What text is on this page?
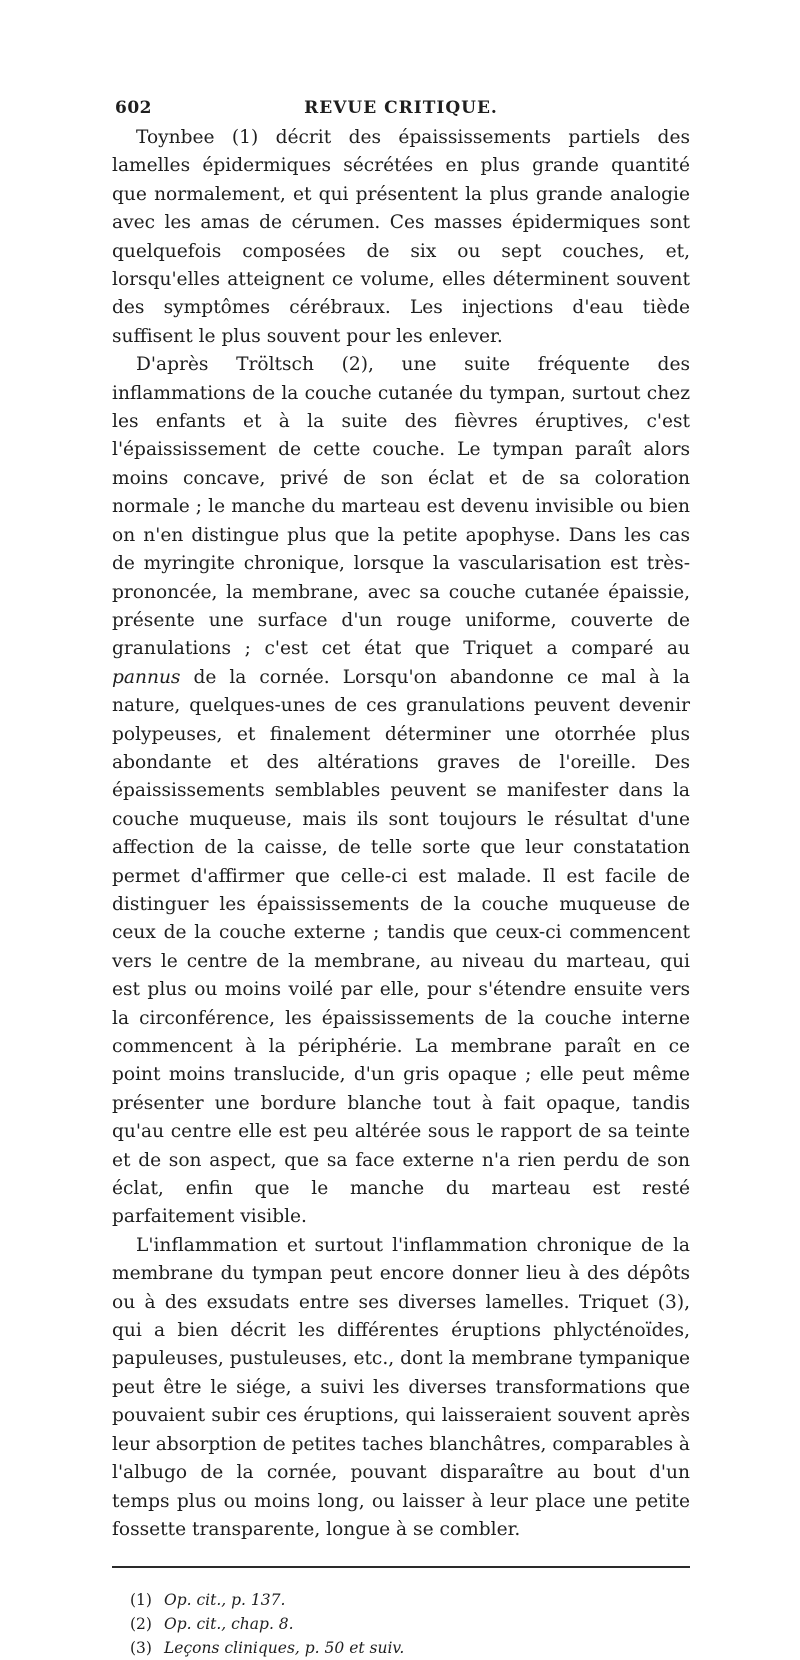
602	REVUE CRITIQUE.

Toynbee (1) décrit des épaississements partiels des lamelles épidermiques sécrétées en plus grande quantité que normalement, et qui présentent la plus grande analogie avec les amas de cérumen. Ces masses épidermiques sont quelquefois composées de six ou sept couches, et, lorsqu'elles atteignent ce volume, elles déterminent souvent des symptômes cérébraux. Les injections d'eau tiède suffisent le plus souvent pour les enlever.

D'après Tröltsch (2), une suite fréquente des inflammations de la couche cutanée du tympan, surtout chez les enfants et à la suite des fièvres éruptives, c'est l'épaississement de cette couche. Le tympan paraît alors moins concave, privé de son éclat et de sa coloration normale ; le manche du marteau est devenu invisible ou bien on n'en distingue plus que la petite apophyse. Dans les cas de myringite chronique, lorsque la vascularisation est très-prononcée, la membrane, avec sa couche cutanée épaissie, présente une surface d'un rouge uniforme, couverte de granulations ; c'est cet état que Triquet a comparé au pannus de la cornée. Lorsqu'on abandonne ce mal à la nature, quelques-unes de ces granulations peuvent devenir polypeuses, et finalement déterminer une otorrhée plus abondante et des altérations graves de l'oreille. Des épaississements semblables peuvent se manifester dans la couche muqueuse, mais ils sont toujours le résultat d'une affection de la caisse, de telle sorte que leur constatation permet d'affirmer que celle-ci est malade. Il est facile de distinguer les épaississements de la couche muqueuse de ceux de la couche externe ; tandis que ceux-ci commencent vers le centre de la membrane, au niveau du marteau, qui est plus ou moins voilé par elle, pour s'étendre ensuite vers la circonférence, les épaississements de la couche interne commencent à la périphérie. La membrane paraît en ce point moins translucide, d'un gris opaque ; elle peut même présenter une bordure blanche tout à fait opaque, tandis qu'au centre elle est peu altérée sous le rapport de sa teinte et de son aspect, que sa face externe n'a rien perdu de son éclat, enfin que le manche du marteau est resté parfaitement visible.

L'inflammation et surtout l'inflammation chronique de la membrane du tympan peut encore donner lieu à des dépôts ou à des exsudats entre ses diverses lamelles. Triquet (3), qui a bien décrit les différentes éruptions phlycténoïdes, papuleuses, pustuleuses, etc., dont la membrane tympanique peut être le siége, a suivi les diverses transformations que pouvaient subir ces éruptions, qui laisseraient souvent après leur absorption de petites taches blanchâtres, comparables à l'albugo de la cornée, pouvant disparaître au bout d'un temps plus ou moins long, ou laisser à leur place une petite fossette transparente, longue à se combler.

(1) Op. cit., p. 137.
(2) Op. cit., chap. 8.
(3) Leçons cliniques, p. 50 et suiv.
